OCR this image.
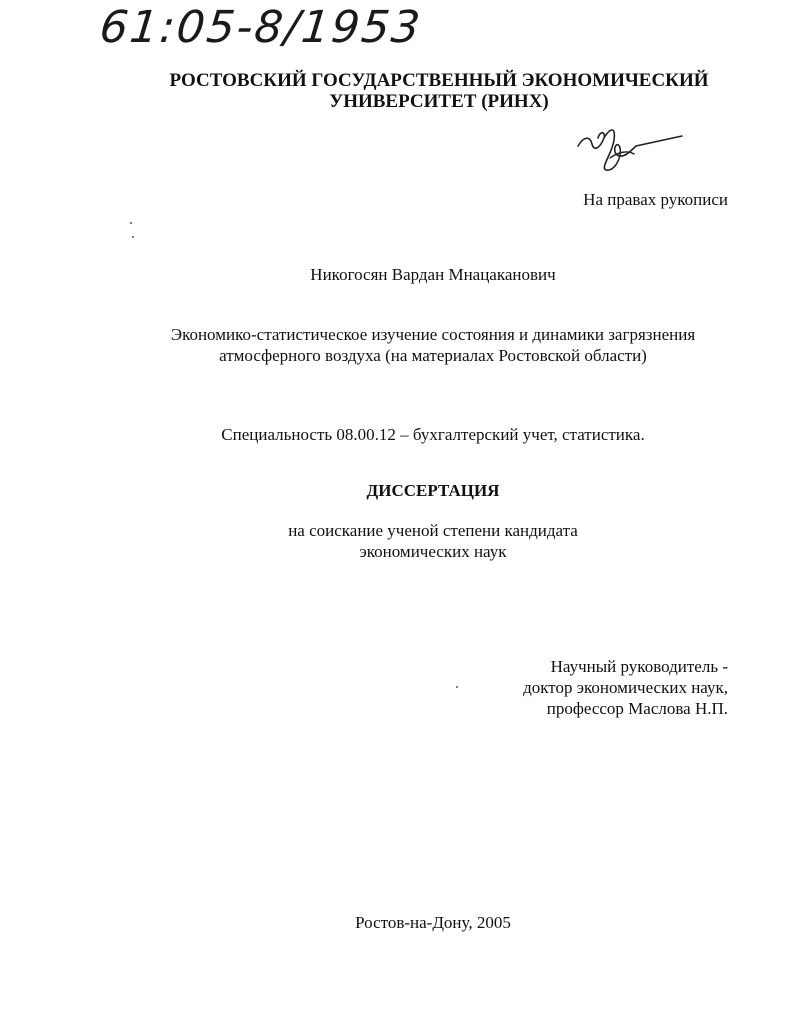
61:05-8/1953
РОСТОВСКИЙ ГОСУДАРСТВЕННЫЙ ЭКОНОМИЧЕСКИЙ
УНИВЕРСИТЕТ (РИНХ)
На правах рукописи
Никогосян Вардан Мнацаканович
Экономико-статистическое изучение состояния и динамики загрязнения
атмосферного воздуха (на материалах Ростовской области)
Специальность 08.00.12 – бухгалтерский учет, статистика.
ДИССЕРТАЦИЯ
на соискание ученой степени кандидата
экономических наук
Научный руководитель -
доктор экономических наук,
профессор Маслова Н.П.
Ростов-на-Дону, 2005
